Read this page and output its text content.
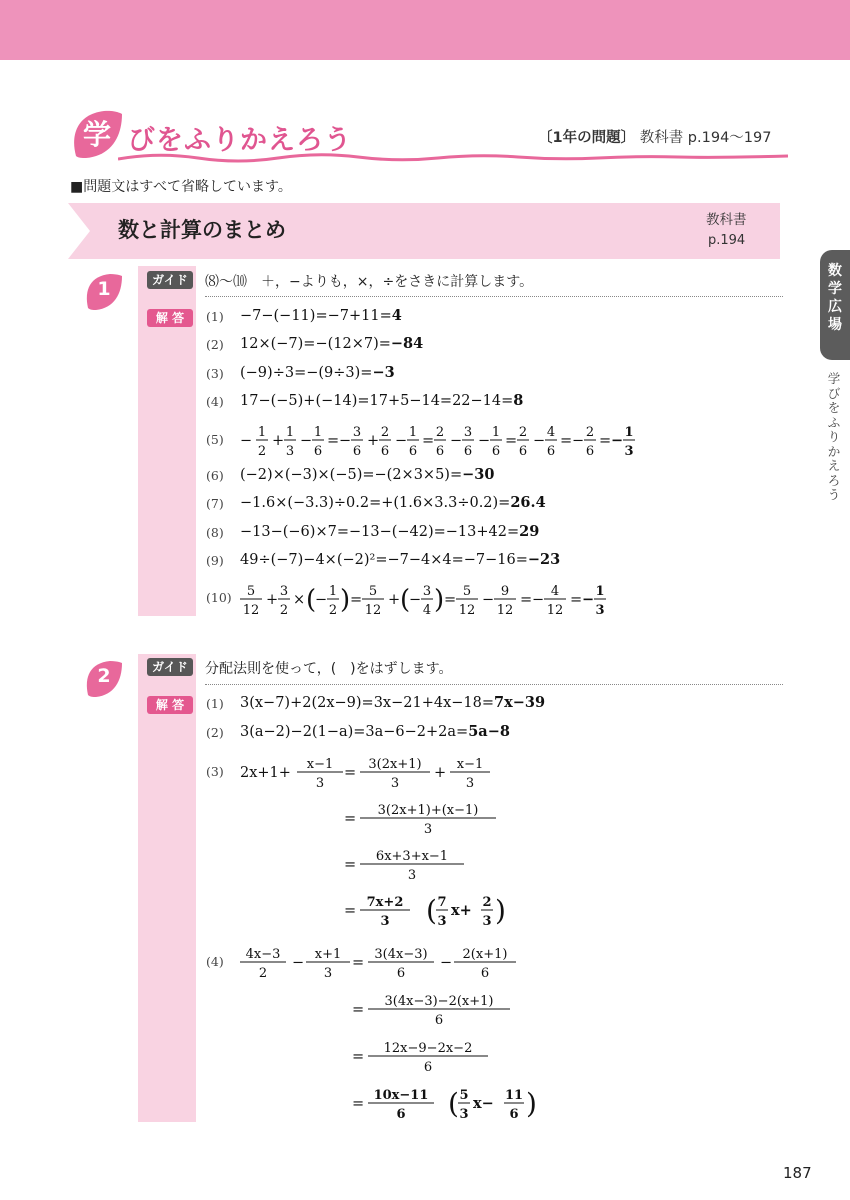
学 びをふりかえろう	〔1年の問題〕 教科書 p.194〜197
■問題文はすべて省略しています。
数と計算のまとめ	教科書
p.194
数学広場
学びをふりかえろう
1	ガイド	⑻〜⑽　＋，−よりも，×，÷をさきに計算します。
解 答	(1) −7−(−11)=−7+11=4
(2) 12×(−7)=−(12×7)=−84
(3) (−9)÷3=−(9÷3)=−3
(4) 17−(−5)+(−14)=17+5−14=22−14=8
(5)
(6) (−2)×(−3)×(−5)=−(2×3×5)=−30
(7) −1.6×(−3.3)÷0.2=+(1.6×3.3÷0.2)=26.4
(8) −13−(−6)×7=−13−(−42)=−13+42=29
(9) 49÷(−7)−4×(−2)²=−7−4×4=−7−16=−23
(10)
2	ガイド	分配法則を使って，(　)をはずします。
解 答	(1) 3(x−7)+2(2x−9)=3x−21+4x−18=7x−39
(2) 3(a−2)−2(1−a)=3a−6−2+2a=5a−8
(3)
(4)
−
1
2
+
1
3
−
1
6
= −
3
6
+
2
6
−
1
6
=
2
6
−
3
6
−
1
6
=
2
6
−
4
6
= −
2
6
= − 1
3
5
12
+
3
2
× (
−
1
2 ) =
5
12
+ (
−
3
4 ) =
5
12
−
9
12
= −
4
12
= − 1
3
2x+1+
x−1
3
=
3(2x+1)
3
+
x−1
3
=
3(2x+1)+(x−1)
3
=
6x+3+x−1
3
=
7x+2
3 ( 7
3
x+ 2
3 )
4x−3
2
−
x+1
3
=
3(4x−3)
6
−
2(x+1)
6
=
3(4x−3)−2(x+1)
6
=
12x−9−2x−2
6
=
10x−11
6 ( 5
3
x− 11
6 )
187
